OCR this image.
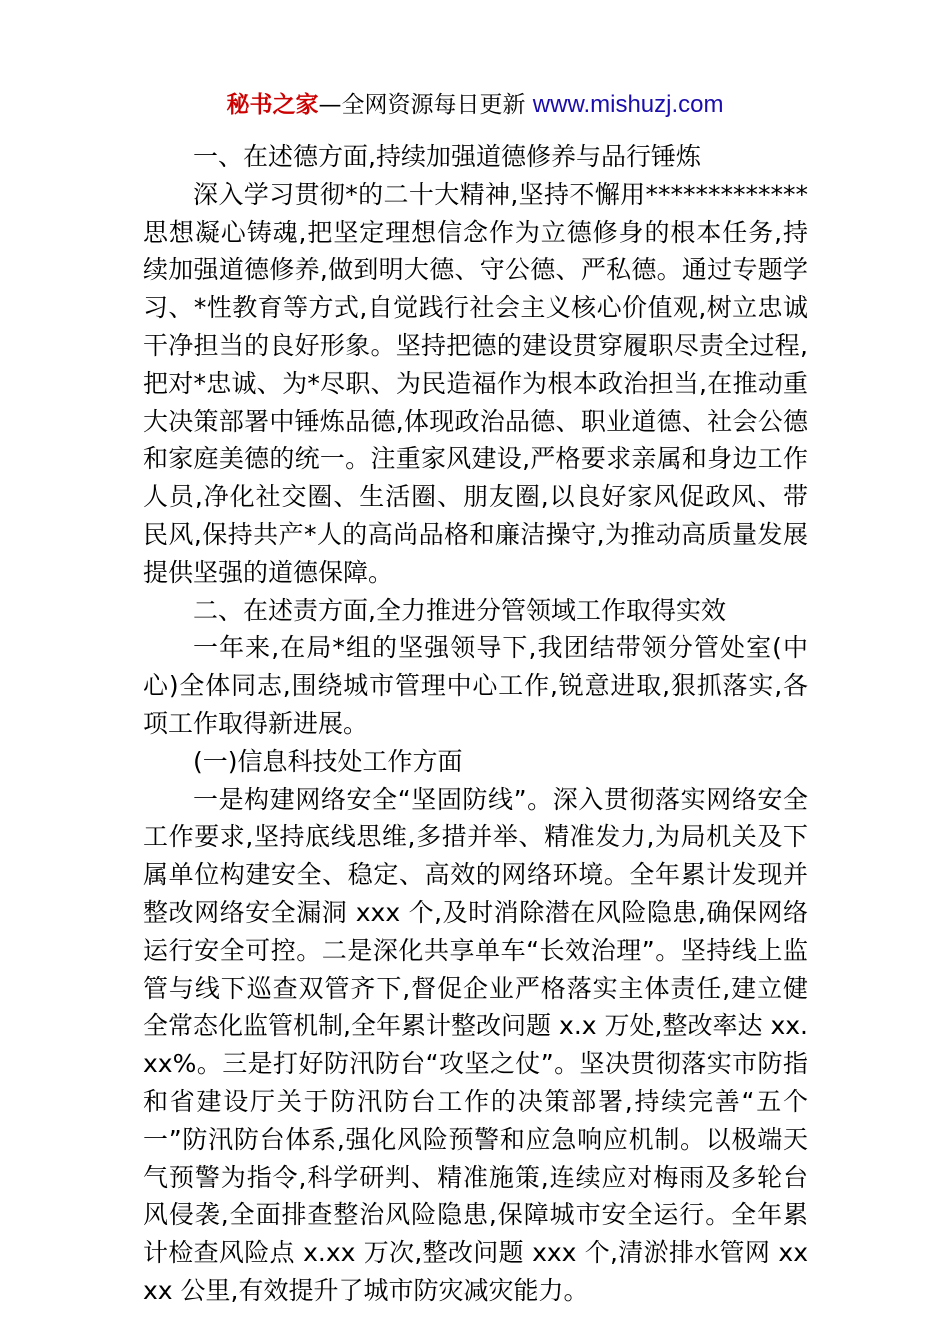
秘书之家—全网资源每日更新 www.mishuzj.com

一、在述德方面,持续加强道德修养与品行锤炼

深入学习贯彻*的二十大精神,坚持不懈用*************思想凝心铸魂,把坚定理想信念作为立德修身的根本任务,持续加强道德修养,做到明大德、守公德、严私德。通过专题学习、*性教育等方式,自觉践行社会主义核心价值观,树立忠诚干净担当的良好形象。坚持把德的建设贯穿履职尽责全过程,把对*忠诚、为*尽职、为民造福作为根本政治担当,在推动重大决策部署中锤炼品德,体现政治品德、职业道德、社会公德和家庭美德的统一。注重家风建设,严格要求亲属和身边工作人员,净化社交圈、生活圈、朋友圈,以良好家风促政风、带民风,保持共产*人的高尚品格和廉洁操守,为推动高质量发展提供坚强的道德保障。

二、在述责方面,全力推进分管领域工作取得实效

一年来,在局*组的坚强领导下,我团结带领分管处室(中心)全体同志,围绕城市管理中心工作,锐意进取,狠抓落实,各项工作取得新进展。

(一)信息科技处工作方面

一是构建网络安全“坚固防线”。深入贯彻落实网络安全工作要求,坚持底线思维,多措并举、精准发力,为局机关及下属单位构建安全、稳定、高效的网络环境。全年累计发现并整改网络安全漏洞 xxx 个,及时消除潜在风险隐患,确保网络运行安全可控。二是深化共享单车“长效治理”。坚持线上监管与线下巡查双管齐下,督促企业严格落实主体责任,建立健全常态化监管机制,全年累计整改问题 x.x 万处,整改率达 xx.xx%。三是打好防汛防台“攻坚之仗”。坚决贯彻落实市防指和省建设厅关于防汛防台工作的决策部署,持续完善“五个一”防汛防台体系,强化风险预警和应急响应机制。以极端天气预警为指令,科学研判、精准施策,连续应对梅雨及多轮台风侵袭,全面排查整治风险隐患,保障城市安全运行。全年累计检查风险点 x.xx 万次,整改问题 xxx 个,清淤排水管网 xxxx 公里,有效提升了城市防灾减灾能力。
